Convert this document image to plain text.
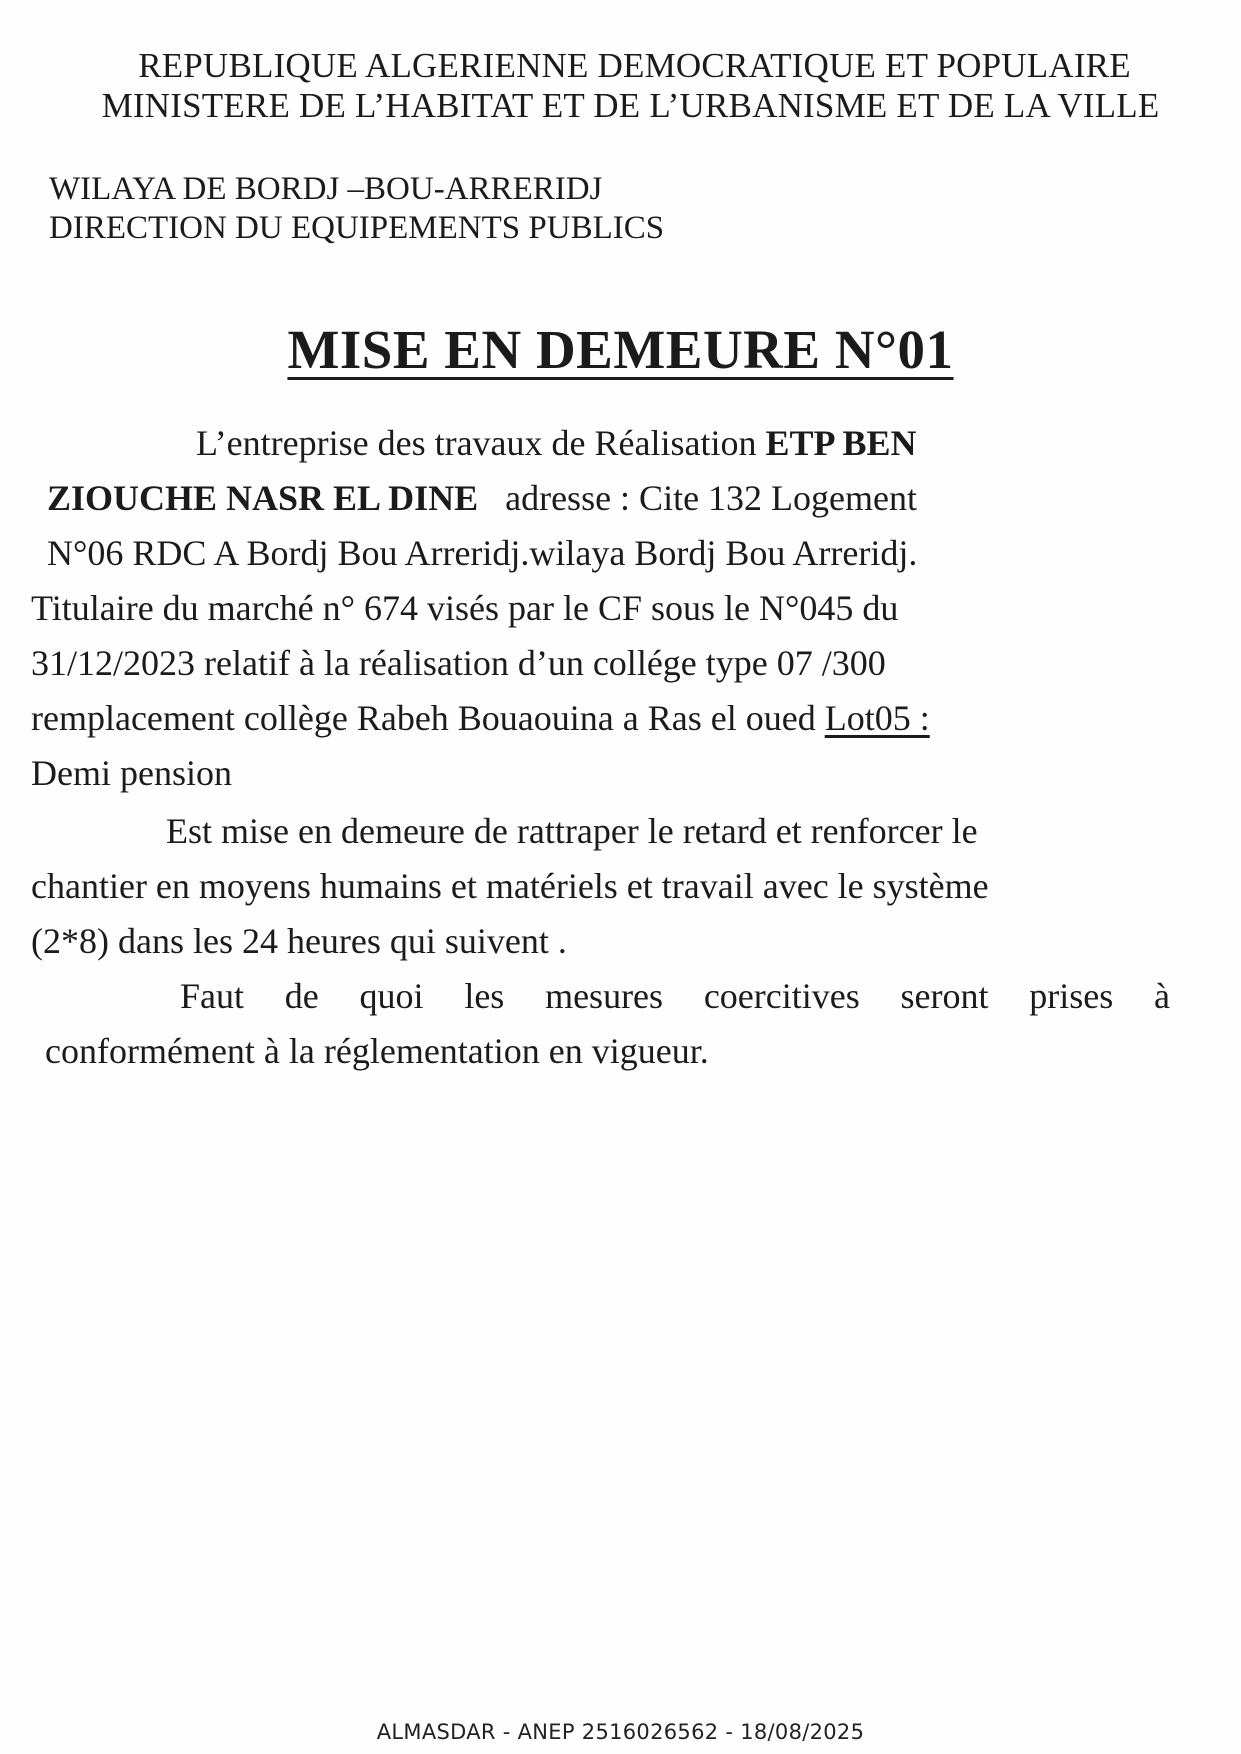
REPUBLIQUE ALGERIENNE DEMOCRATIQUE ET POPULAIRE
MINISTERE DE L’HABITAT ET DE L’URBANISME ET DE LA VILLE
WILAYA DE BORDJ –BOU-ARRERIDJ
DIRECTION DU EQUIPEMENTS PUBLICS
MISE EN DEMEURE N°01
L’entreprise des travaux de Réalisation ETP BEN
ZIOUCHE NASR EL DINE adresse : Cite 132 Logement
N°06 RDC A Bordj Bou Arreridj.wilaya Bordj Bou Arreridj.
Titulaire du marché n° 674 visés par le CF sous le N°045 du
31/12/2023 relatif à la réalisation d’un collége type 07 /300
remplacement collège Rabeh Bouaouina a Ras el oued Lot05 :
Demi pension
Est mise en demeure de rattraper le retard et renforcer le
chantier en moyens humains et matériels et travail avec le système
(2*8) dans les 24 heures qui suivent .
Faut de quoi les mesures coercitives seront prises à
conformément à la réglementation en vigueur.
ALMASDAR - ANEP 2516026562 - 18/08/2025
